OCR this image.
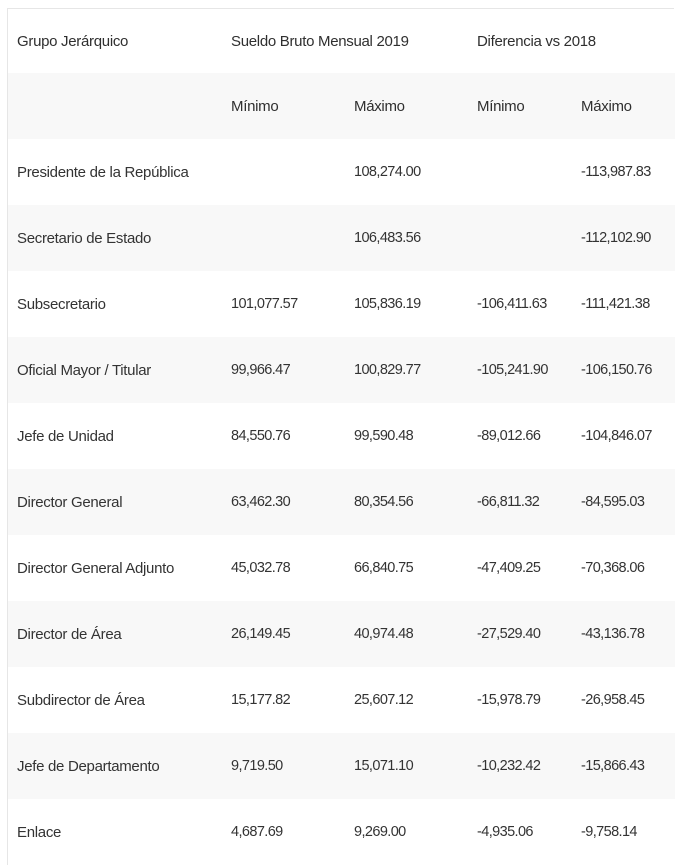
Grupo Jerárquico	Sueldo Bruto Mensual 2019		Diferencia vs 2018	
	Mínimo	Máximo	Mínimo	Máximo
Presidente de la República		108,274.00		-113,987.83
Secretario de Estado		106,483.56		-112,102.90
Subsecretario	101,077.57	105,836.19	-106,411.63	-111,421.38
Oficial Mayor / Titular	99,966.47	100,829.77	-105,241.90	-106,150.76
Jefe de Unidad	84,550.76	99,590.48	-89,012.66	-104,846.07
Director General	63,462.30	80,354.56	-66,811.32	-84,595.03
Director General Adjunto	45,032.78	66,840.75	-47,409.25	-70,368.06
Director de Área	26,149.45	40,974.48	-27,529.40	-43,136.78
Subdirector de Área	15,177.82	25,607.12	-15,978.79	-26,958.45
Jefe de Departamento	9,719.50	15,071.10	-10,232.42	-15,866.43
Enlace	4,687.69	9,269.00	-4,935.06	-9,758.14
